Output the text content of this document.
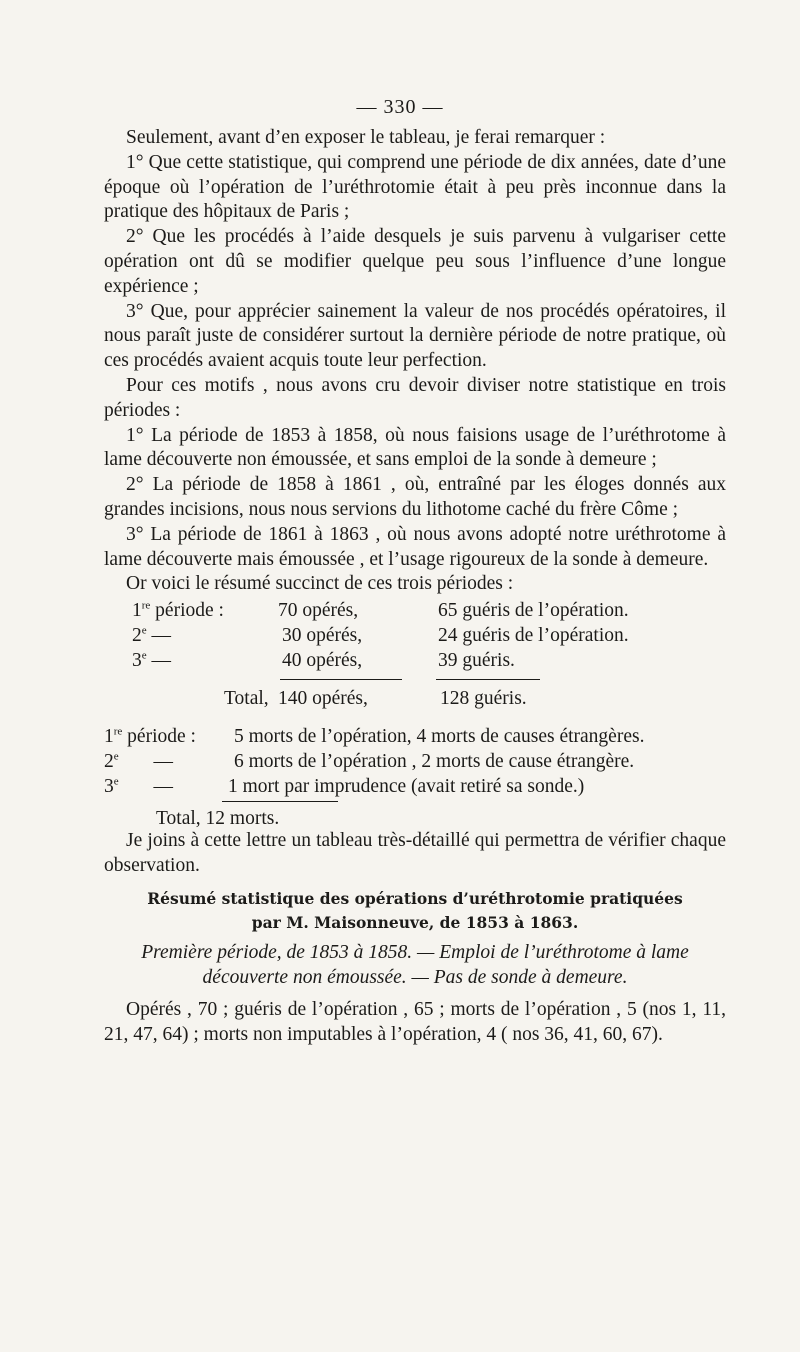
— 330 —

Seulement, avant d’en exposer le tableau, je ferai remarquer :

1° Que cette statistique, qui comprend une période de dix années, date d’une époque où l’opération de l’uréthrotomie était à peu près inconnue dans la pratique des hôpitaux de Paris ;

2° Que les procédés à l’aide desquels je suis parvenu à vulgariser cette opération ont dû se modifier quelque peu sous l’influence d’une longue expérience ;

3° Que, pour apprécier sainement la valeur de nos procédés opératoires, il nous paraît juste de considérer surtout la dernière période de notre pratique, où ces procédés avaient acquis toute leur perfection.

Pour ces motifs , nous avons cru devoir diviser notre statistique en trois périodes :

1° La période de 1853 à 1858, où nous faisions usage de l’uréthrotome à lame découverte non émoussée, et sans emploi de la sonde à demeure ;

2° La période de 1858 à 1861 , où, entraîné par les éloges donnés aux grandes incisions, nous nous servions du lithotome caché du frère Côme ;

3° La période de 1861 à 1863 , où nous avons adopté notre uréthrotome à lame découverte mais émoussée , et l’usage rigoureux de la sonde à demeure.

Or voici le résumé succinct de ces trois périodes :

1re période :	70 opérés,	65 guéris de l’opération.
2e —	30 opérés,	24 guéris de l’opération.
3e —	40 opérés,	39 guéris.
Total, 140 opérés,	128 guéris.
1re période : 5 morts de l’opération, 4 morts de causes étrangères.
2e —	6 morts de l’opération , 2 morts de cause étrangère.
3e —	1 mort par imprudence (avait retiré sa sonde.)
Total, 12 morts.

Je joins à cette lettre un tableau très-détaillé qui permettra de vérifier chaque observation.

Résumé statistique des opérations d’uréthrotomie pratiquées
par M. Maisonneuve, de 1853 à 1863.
Première période, de 1853 à 1858. — Emploi de l’uréthrotome à lame
découverte non émoussée. — Pas de sonde à demeure.

Opérés , 70 ; guéris de l’opération , 65 ; morts de l’opération , 5 (nos 1, 11, 21, 47, 64) ; morts non imputables à l’opération, 4 ( nos 36, 41, 60, 67).
